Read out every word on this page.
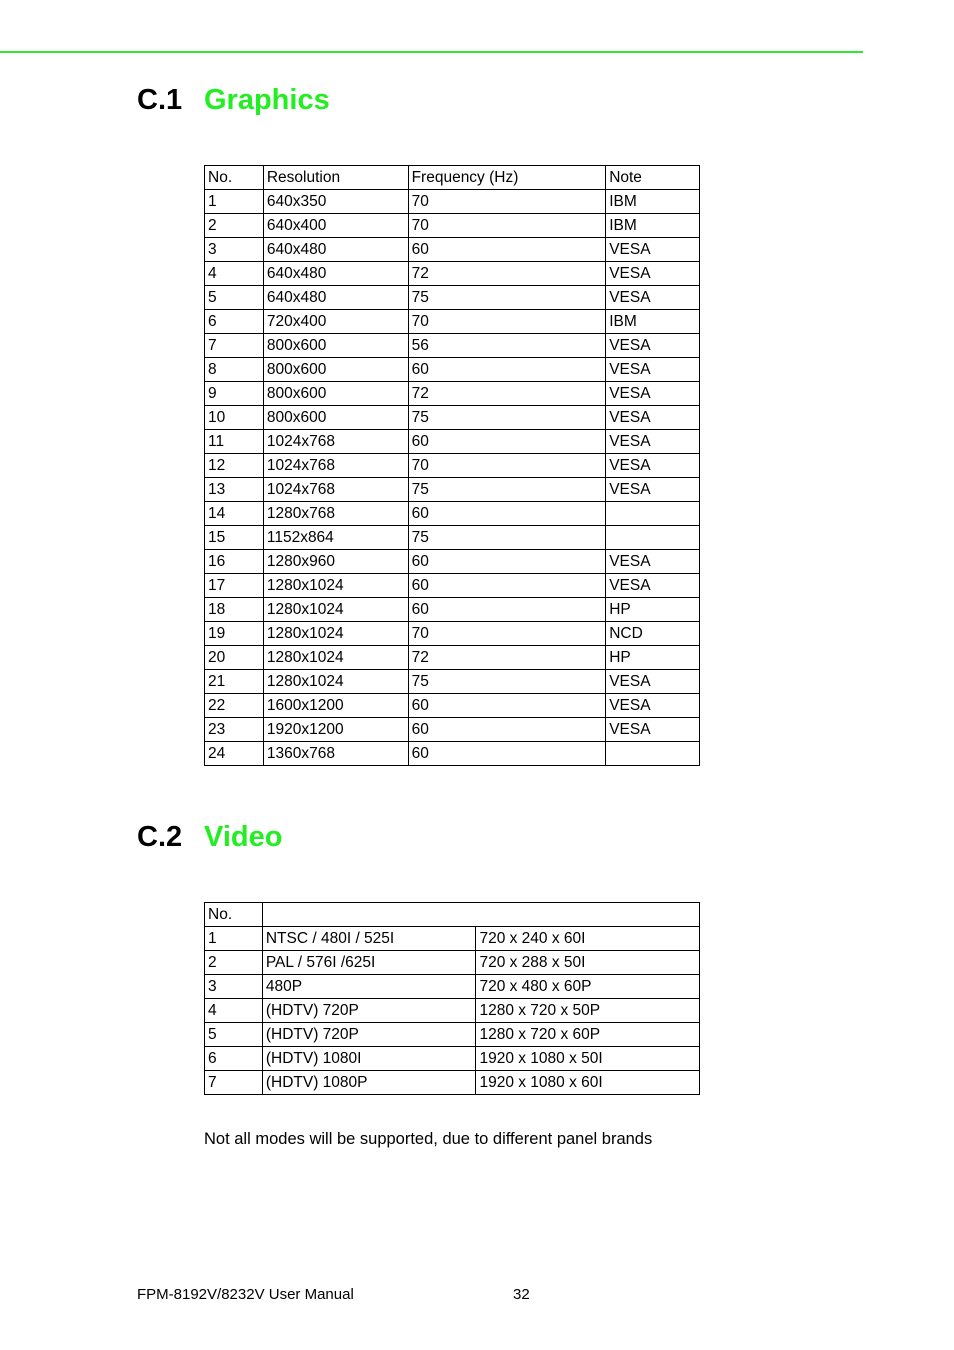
C.1 Graphics
No.	Resolution	Frequency (Hz)	Note
1	640x350	70	IBM
2	640x400	70	IBM
3	640x480	60	VESA
4	640x480	72	VESA
5	640x480	75	VESA
6	720x400	70	IBM
7	800x600	56	VESA
8	800x600	60	VESA
9	800x600	72	VESA
10	800x600	75	VESA
11	1024x768	60	VESA
12	1024x768	70	VESA
13	1024x768	75	VESA
14	1280x768	60	
15	1152x864	75	
16	1280x960	60	VESA
17	1280x1024	60	VESA
18	1280x1024	60	HP
19	1280x1024	70	NCD
20	1280x1024	72	HP
21	1280x1024	75	VESA
22	1600x1200	60	VESA
23	1920x1200	60	VESA
24	1360x768	60	
C.2 Video
No.		
1	NTSC / 480I / 525I	720 x 240 x 60I
2	PAL / 576I /625I	720 x 288 x 50I
3	480P	720 x 480 x 60P
4	(HDTV) 720P	1280 x 720 x 50P
5	(HDTV) 720P	1280 x 720 x 60P
6	(HDTV) 1080I	1920 x 1080 x 50I
7	(HDTV) 1080P	1920 x 1080 x 60I
Not all modes will be supported, due to different panel brands
FPM-8192V/8232V User Manual	32
